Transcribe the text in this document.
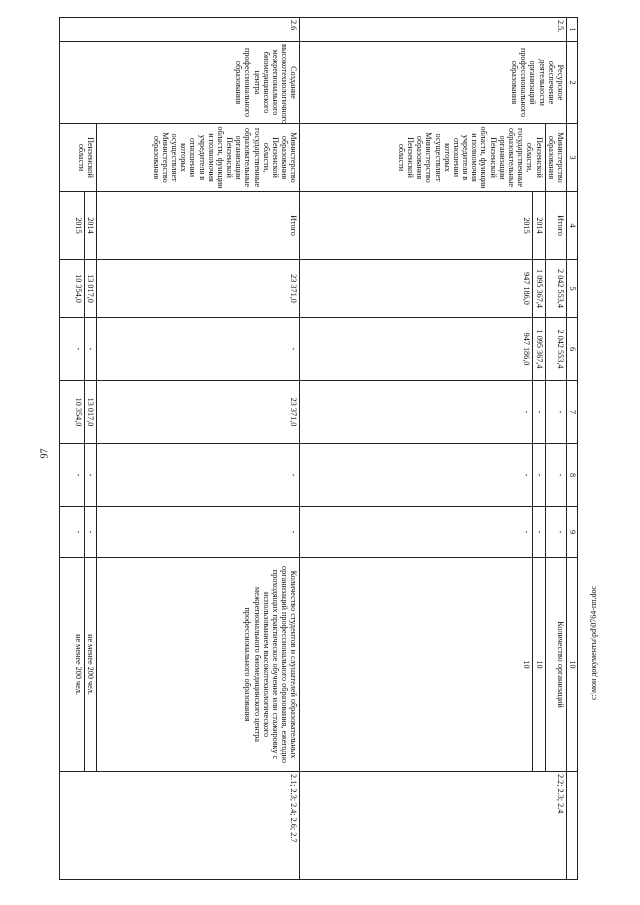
97
1	2	3	4	5	6	7	8	9	10	
2.5.	Ресурсное обеспечение деятельности организаций профессионального образования	Министерство образования	Итого	2 042 553,4	2 042 553,4	-	-	-	Количество организаций	2.2; 2.3; 2.4
		Пензенской области, государственные образовательные организации Пензенской области, функции и полномочия учредителя в отношении которых осуществляет Министерство образования Пензенской области	2014	1 095 367,4	1 095 367,4	-	-	-	10	
			2015	947 186,0	947 186,0	-	-	-	10	
2.6	Создание высокотехнологичного межрегионального биомедицинского центра профессионального образования	Министерство образования Пензенской области, государственные образовательные организации Пензенской области, функции и полномочия учредителя в отношении которых осуществляет Министерство образования	Итого	23 371,0	-	23 371,0	-	-	Количество студентов и слушателей образовательных организаций профессионального образования, ежегодно проходящих практическое обучение или стажировку с использованием высокотехнологического межрегионального биомедицинского центра профессионального образования	2.1; 2.3; 2.4; 2.6; 2.7
		Пензенской области	2014	13 017,0	-	13 017,0	-	-	не менее 200 чел.	
			2015	10 354,0	-	10 354,0	-	-	не менее 200 чел.		c:\мои документы\pd\0764-пп.doc
